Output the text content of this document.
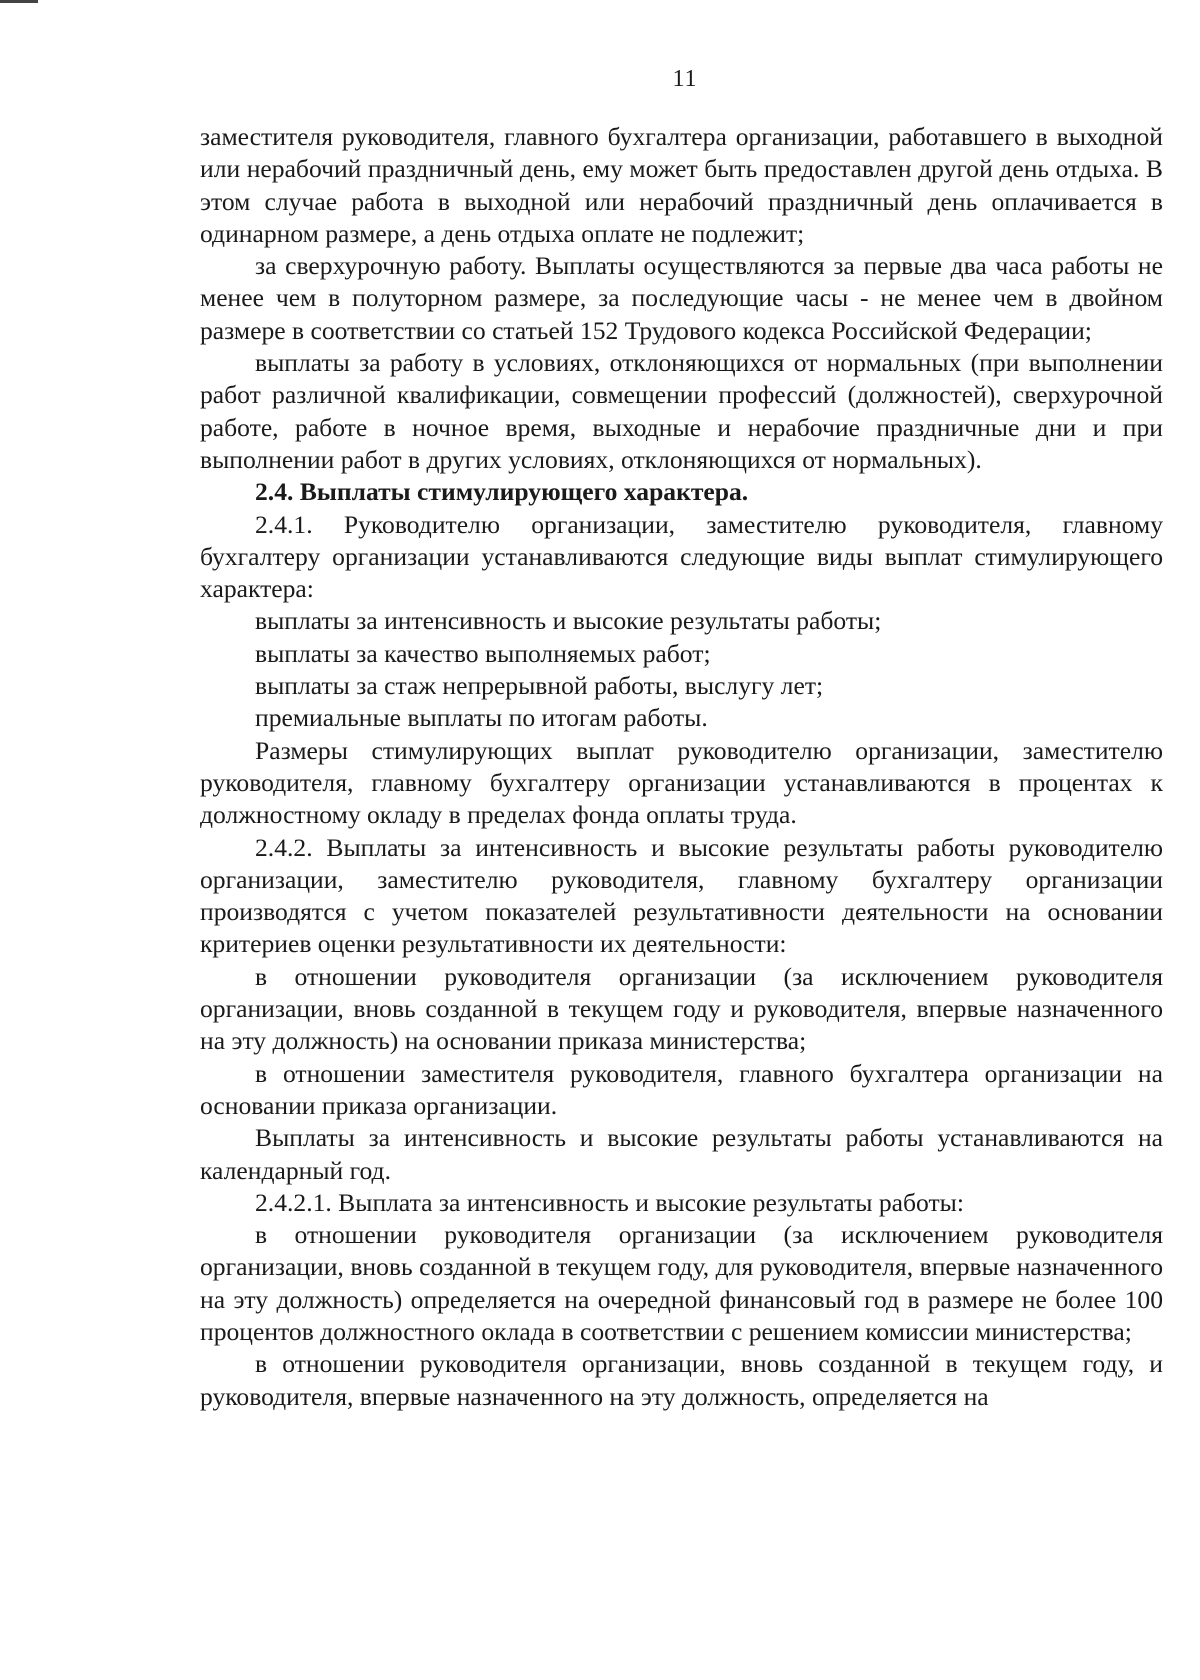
11

заместителя руководителя, главного бухгалтера организации, работавшего в выходной или нерабочий праздничный день, ему может быть предоставлен другой день отдыха. В этом случае работа в выходной или нерабочий праздничный день оплачивается в одинарном размере, а день отдыха оплате не подлежит;

за сверхурочную работу. Выплаты осуществляются за первые два часа работы не менее чем в полуторном размере, за последующие часы - не менее чем в двойном размере в соответствии со статьей 152 Трудового кодекса Российской Федерации;

выплаты за работу в условиях, отклоняющихся от нормальных (при выполнении работ различной квалификации, совмещении профессий (должностей), сверхурочной работе, работе в ночное время, выходные и нерабочие праздничные дни и при выполнении работ в других условиях, отклоняющихся от нормальных).

2.4. Выплаты стимулирующего характера.

2.4.1. Руководителю организации, заместителю руководителя, главному бухгалтеру организации устанавливаются следующие виды выплат стимулирующего характера:

выплаты за интенсивность и высокие результаты работы;

выплаты за качество выполняемых работ;

выплаты за стаж непрерывной работы, выслугу лет;

премиальные выплаты по итогам работы.

Размеры стимулирующих выплат руководителю организации, заместителю руководителя, главному бухгалтеру организации устанавливаются в процентах к должностному окладу в пределах фонда оплаты труда.

2.4.2. Выплаты за интенсивность и высокие результаты работы руководителю организации, заместителю руководителя, главному бухгалтеру организации производятся с учетом показателей результативности деятельности на основании критериев оценки результативности их деятельности:

в отношении руководителя организации (за исключением руководителя организации, вновь созданной в текущем году и руководителя, впервые назначенного на эту должность) на основании приказа министерства;

в отношении заместителя руководителя, главного бухгалтера организации на основании приказа организации.

Выплаты за интенсивность и высокие результаты работы устанавливаются на календарный год.

2.4.2.1. Выплата за интенсивность и высокие результаты работы:

в отношении руководителя организации (за исключением руководителя организации, вновь созданной в текущем году, для руководителя, впервые назначенного на эту должность) определяется на очередной финансовый год в размере не более 100 процентов должностного оклада в соответствии с решением комиссии министерства;

в отношении руководителя организации, вновь созданной в текущем году, и руководителя, впервые назначенного на эту должность, определяется на
